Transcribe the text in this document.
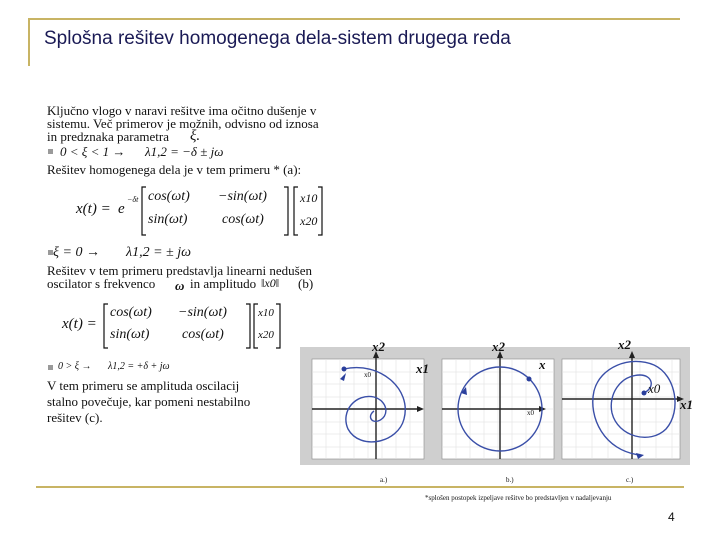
Splošna rešitev homogenega dela-sistem drugega reda
Ključno vlogo v naravi rešitve ima očitno dušenje v
sistemu. Več primerov je možnih, odvisno od iznosa
in predznaka parametra ξ.
0 < ξ < 1 → λ1,2 = −δ ± jω
Rešitev homogenega dela je v tem primeru * (a):
x(t) = e
−δt cos(ωt) −sin(ωt)
sin(ωt) cos(ωt)
x10
x20
ξ = 0 → λ1,2 = ± jω
Rešitev v tem primeru predstavlja linearni nedušen
oscilator s frekvenco ω in amplitudo ‖x0‖ (b)
x(t) =
cos(ωt) −sin(ωt)
sin(ωt) cos(ωt)
x10
x20
0 > ξ → λ1,2 = +δ + jω
V tem primeru se amplituda oscilacij
stalno povečuje, kar pomeni nestabilno
rešitev (c).
x2
x1
x0
a.)
x2
x
x0
b.)
x2
x1
x0
c.)
*splošen postopek izpeljave rešitve bo predstavljen v nadaljevanju
4
